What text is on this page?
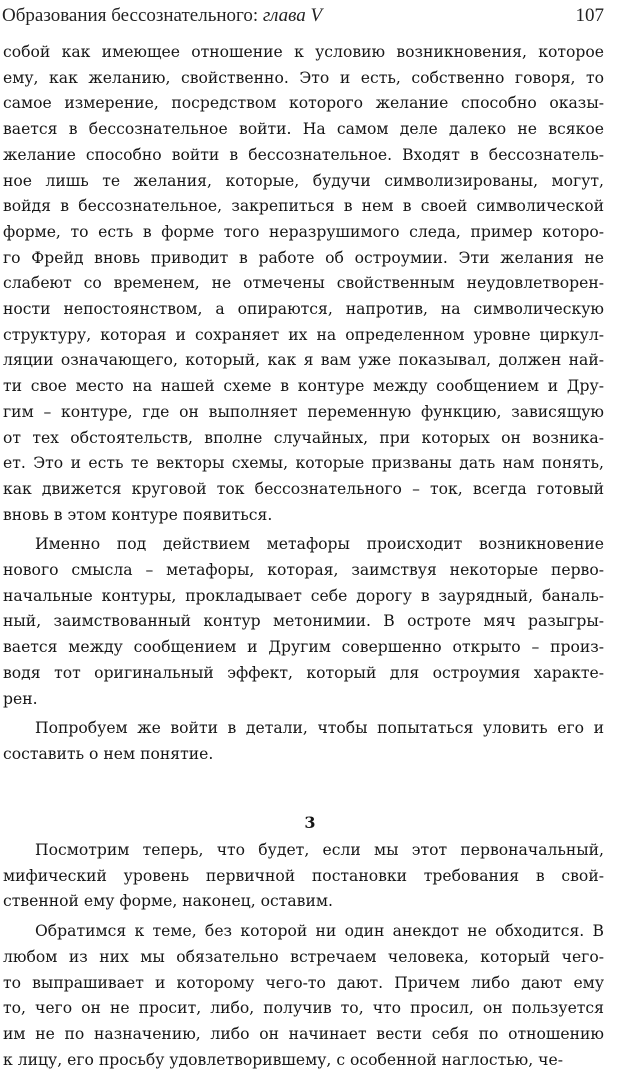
Образования бессознательного: глава V	107

собой как имеющее отношение к условию возникновения, которое

ему, как желанию, свойственно. Это и есть, собственно говоря, то

самое измерение, посредством которого желание способно оказы-

вается в бессознательное войти. На самом деле далеко не всякое

желание способно войти в бессознательное. Входят в бессознатель-

ное лишь те желания, которые, будучи символизированы, могут,

войдя в бессознательное, закрепиться в нем в своей символической

форме, то есть в форме того неразрушимого следа, пример которо-

го Фрейд вновь приводит в работе об остроумии. Эти желания не

слабеют со временем, не отмечены свойственным неудовлетворен-

ности непостоянством, а опираются, напротив, на символическую

структуру, которая и сохраняет их на определенном уровне циркул-

ляции означающего, который, как я вам уже показывал, должен най-

ти свое место на нашей схеме в контуре между сообщением и Дру-

гим – контуре, где он выполняет переменную функцию, зависящую

от тех обстоятельств, вполне случайных, при которых он возникa-

ет. Это и есть те векторы схемы, которые призваны дать нам понять,

как движется круговой ток бессознательного – ток, всегда готовый

вновь в этом контуре появиться.

Именно под действием метафоры происходит возникновение

нового смысла – метафоры, которая, заимствуя некоторые перво-

начальные контуры, прокладывает себе дорогу в заурядный, баналь-

ный, заимствованный контур метонимии. В остроте мяч разыгры-

вается между сообщением и Другим совершенно открыто – произ-

водя тот оригинальный эффект, который для остроумия характе-

рен.

Попробуем же войти в детали, чтобы попытаться уловить его и

составить о нем понятие.

3

Посмотрим теперь, что будет, если мы этот первоначальный,

мифический уровень первичной постановки требования в свой-

ственной ему форме, наконец, оставим.

Обратимся к теме, без которой ни один анекдот не обходится. В

любом из них мы обязательно встречаем человека, который чего-

то выпрашивает и которому чего-то дают. Причем либо дают ему

то, чего он не просит, либо, получив то, что просил, он пользуется

им не по назначению, либо он начинает вести себя по отношению

к лицу, его просьбу удовлетворившему, с особенной наглостью, че-
